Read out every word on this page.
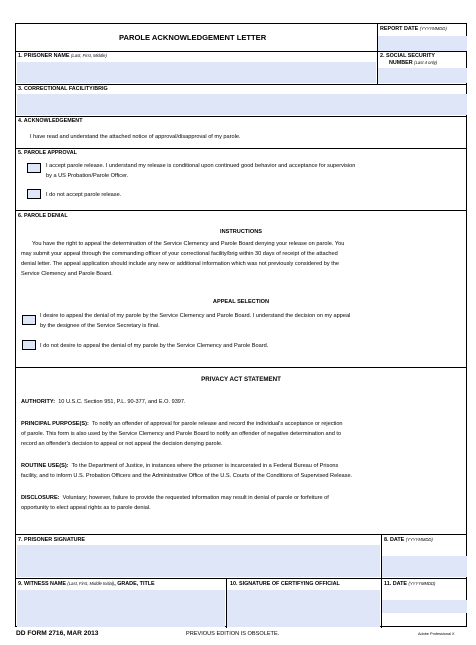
PAROLE ACKNOWLEDGEMENT LETTER
REPORT DATE (YYYYMMDD)
1. PRISONER NAME (Last, First, Middle)	2. SOCIAL SECURITY
NUMBER (Last 4 only)
3. CORRECTIONAL FACILITY/BRIG
4. ACKNOWLEDGEMENT
I have read and understand the attached notice of approval/disapproval of my parole.
5. PAROLE APPROVAL
I accept parole release. I understand my release is conditional upon continued good behavior and acceptance for supervision
by a US Probation/Parole Officer.
I do not accept parole release.
6. PAROLE DENIAL
INSTRUCTIONS
You have the right to appeal the determination of the Service Clemency and Parole Board denying your release on parole. You
may submit your appeal through the commanding officer of your correctional facility/brig within 30 days of receipt of the attached
denial letter. The appeal application should include any new or additional information which was not previously considered by the
Service Clemency and Parole Board.
APPEAL SELECTION
I desire to appeal the denial of my parole by the Service Clemency and Parole Board. I understand the decision on my appeal
by the designee of the Service Secretary is final.
I do not desire to appeal the denial of my parole by the Service Clemency and Parole Board.
PRIVACY ACT STATEMENT
AUTHORITY: 10 U.S.C. Section 951, P.L. 90-377, and E.O. 9397.
PRINCIPAL PURPOSE(S): To notify an offender of approval for parole release and record the individual's acceptance or rejection
of parole. This form is also used by the Service Clemency and Parole Board to notify an offender of negative determination and to
record an offender's decision to appeal or not appeal the decision denying parole.
ROUTINE USE(S): To the Department of Justice, in instances where the prisoner is incarcerated in a Federal Bureau of Prisons
facility, and to inform U.S. Probation Officers and the Administrative Office of the U.S. Courts of the Conditions of Supervised Release.
DISCLOSURE: Voluntary; however, failure to provide the requested information may result in denial of parole or forfeiture of
opportunity to elect appeal rights as to parole denial.
7. PRISONER SIGNATURE	8. DATE (YYYYMMDD)
9. WITNESS NAME (Last, First, Middle Initial), GRADE, TITLE	10. SIGNATURE OF CERTIFYING OFFICIAL	11. DATE (YYYYMMDD)
DD FORM 2716, MAR 2013	PREVIOUS EDITION IS OBSOLETE.	Adobe Professional X
